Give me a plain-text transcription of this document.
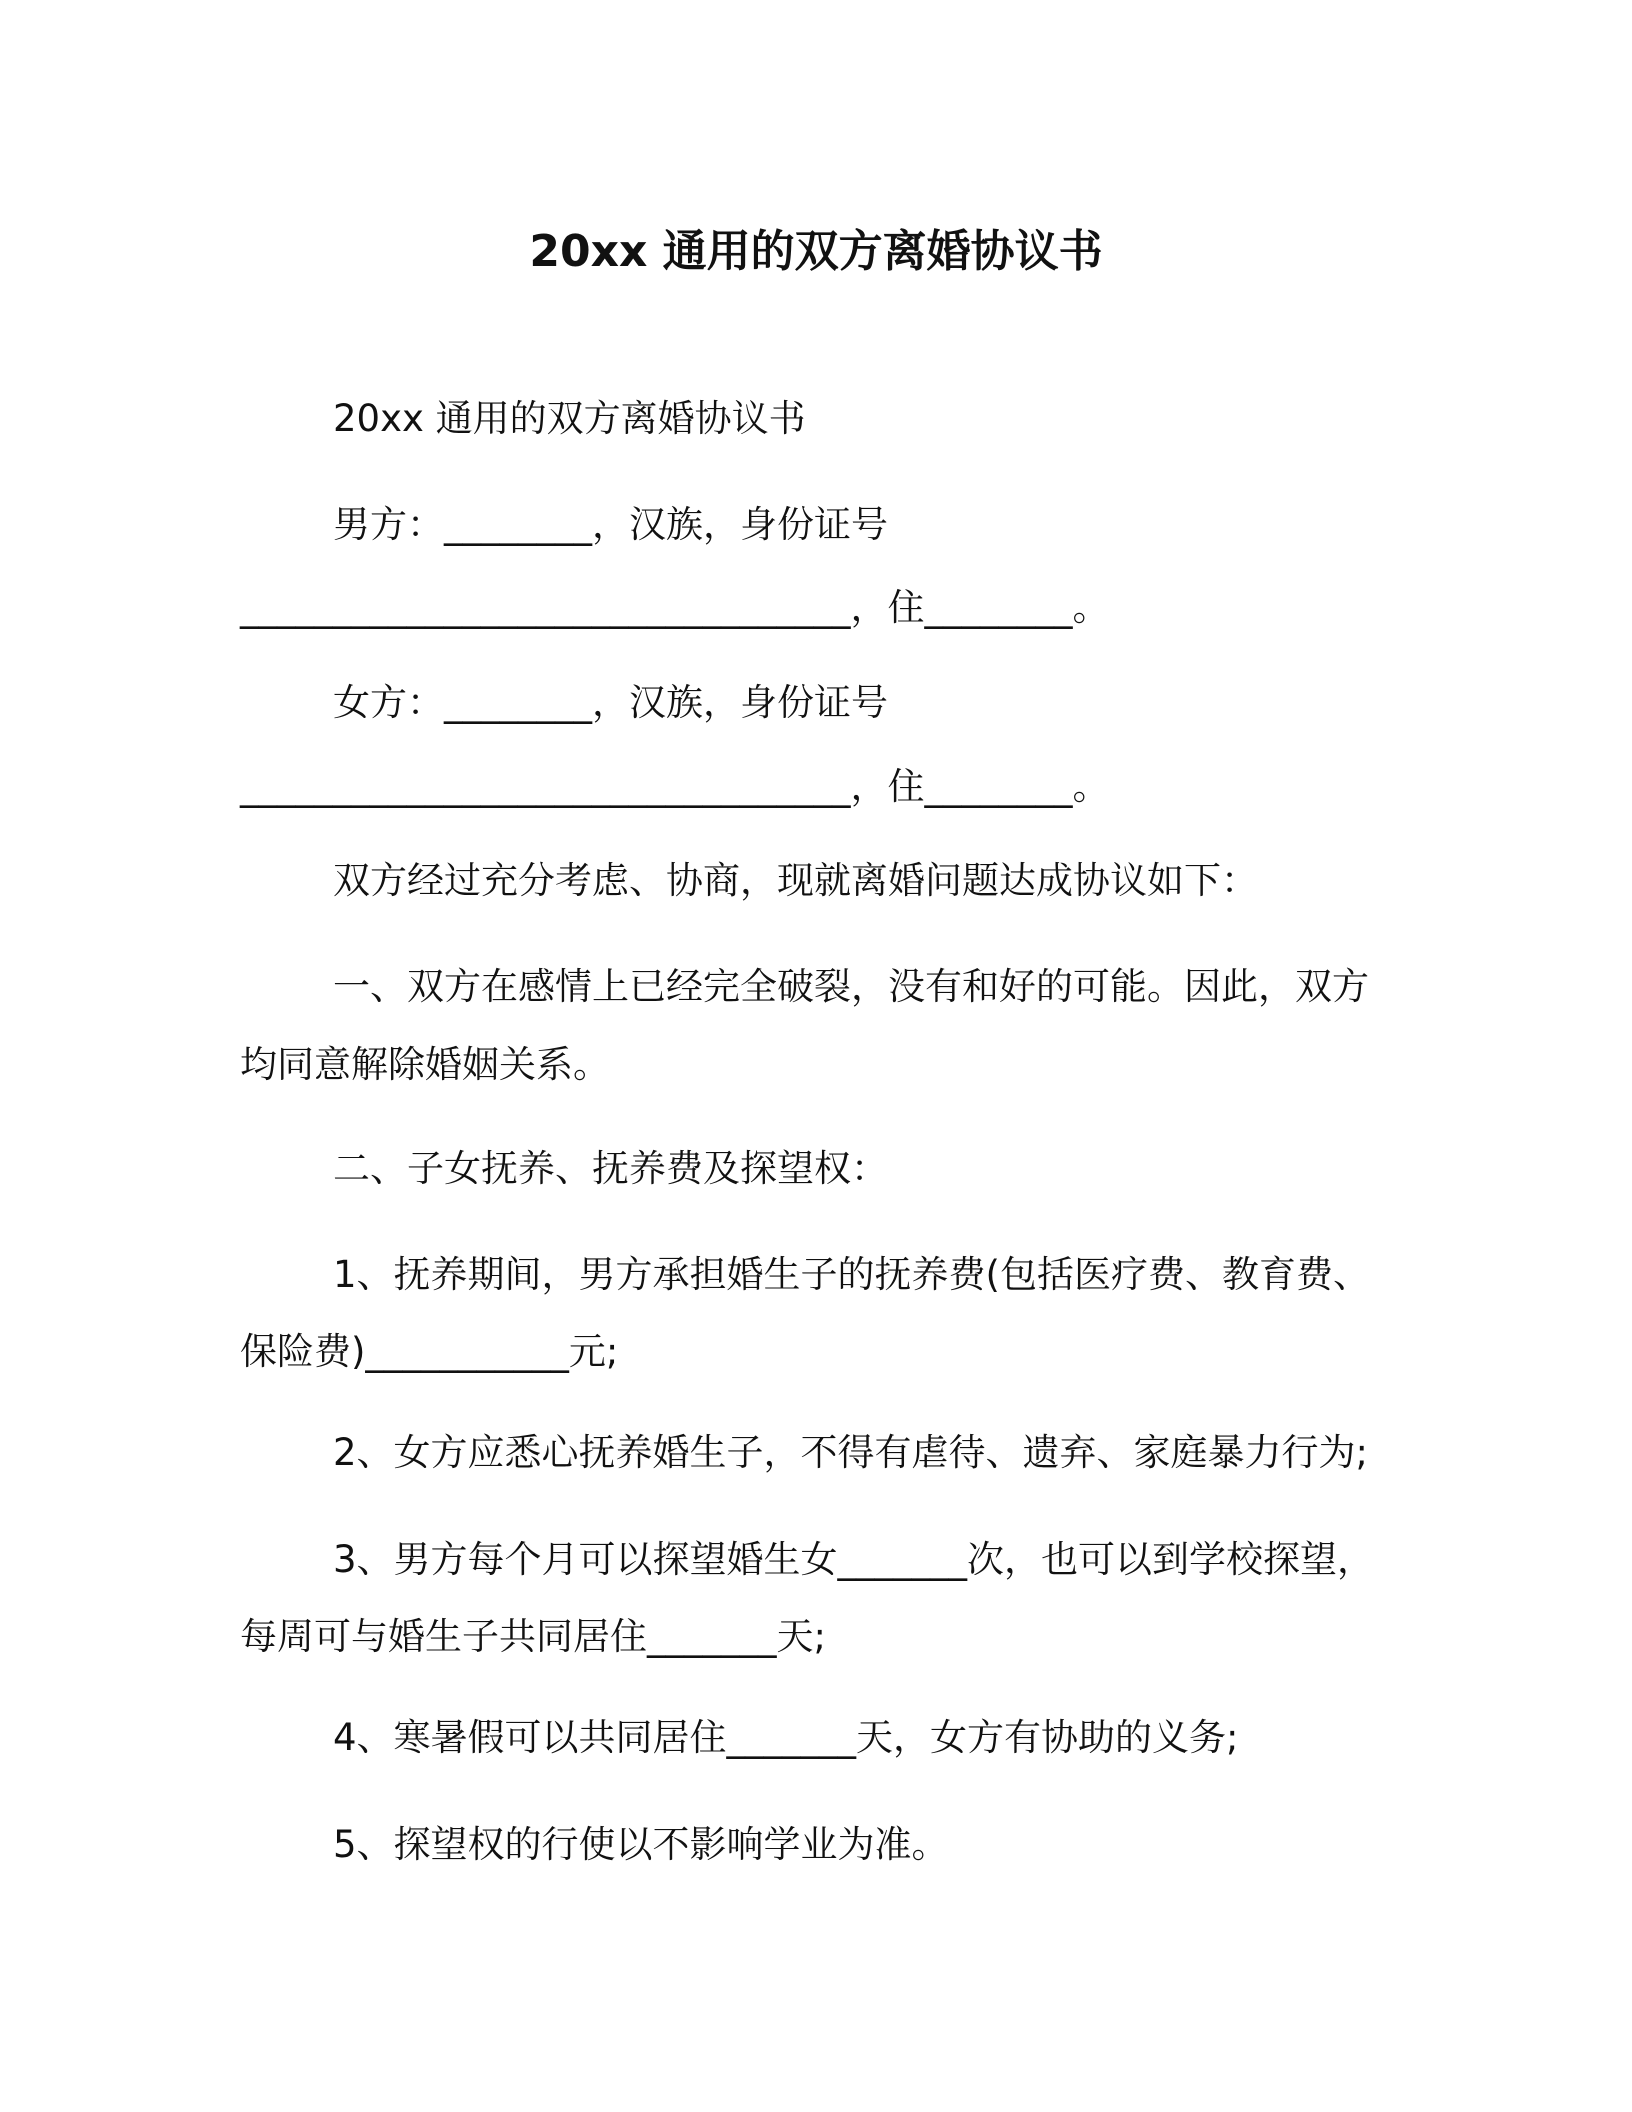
20xx 通用的双方离婚协议书
20xx 通用的双方离婚协议书
男方：________，汉族，身份证号
_________________________________，住________。
女方：________，汉族，身份证号
_________________________________，住________。
双方经过充分考虑、协商，现就离婚问题达成协议如下：
一、双方在感情上已经完全破裂，没有和好的可能。因此，双方
均同意解除婚姻关系。
二、子女抚养、抚养费及探望权：
1、抚养期间，男方承担婚生子的抚养费(包括医疗费、教育费、
保险费)___________元;
2、女方应悉心抚养婚生子，不得有虐待、遗弃、家庭暴力行为;
3、男方每个月可以探望婚生女_______次，也可以到学校探望，
每周可与婚生子共同居住_______天;
4、寒暑假可以共同居住_______天，女方有协助的义务;
5、探望权的行使以不影响学业为准。
